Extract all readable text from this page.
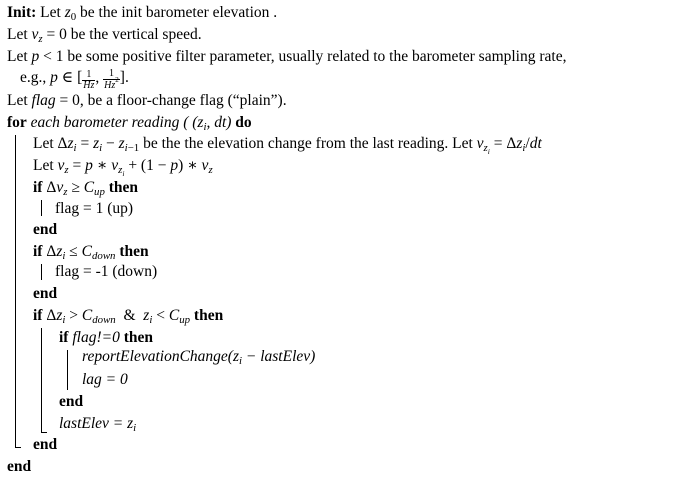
Init: Let $z_0$ be the init barometer elevation .
Let $v_z = 0$ be the vertical speed.
Let p < 1 be some positive filter parameter, usually related to the barometer sampling rate,
e.g., p ∈ [ $\frac{1}{Hz}$ , $\frac{1}{Hz^2}$ ].
Let flag = 0, be a floor-change flag (“plain”).
for each barometer reading ( ($z_i$, dt) do
Let $\Delta z_i = z_i - z_{i-1}$ be the the elevation change from the last reading. Let $v_{z_i} = \Delta z_i/dt$
Let $v_z = p$ ∗ $v_{z_i} + (1 - p)$ ∗ $v_z$
if $\Delta v_z \ge C_{up}$ then
flag = 1 (up)
end
if $\Delta z_i \le C_{down}$ then
flag = -1 (down)
end
if $\Delta z_i > C_{down}$  &  $z_i < C_{up}$ then
if flag!=0 then
$reportElevationChange(z_i$ − lastElev)
lag = 0
end
lastElev = $z_i$
end
end
